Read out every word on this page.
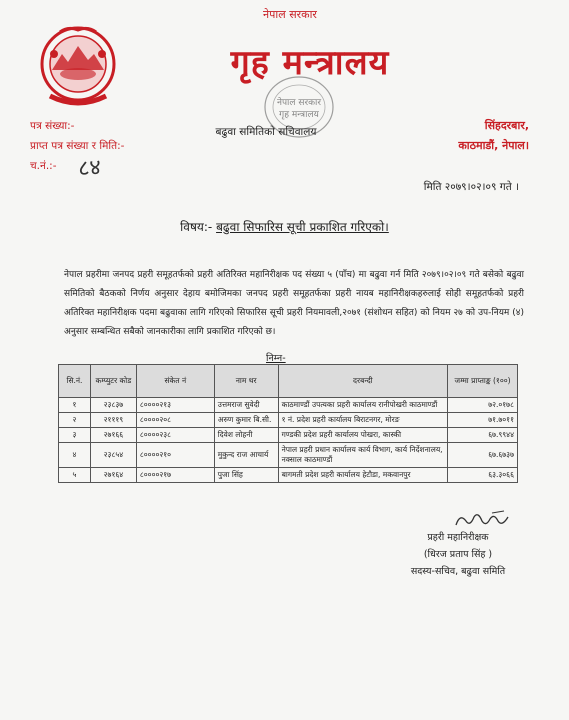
नेपाल सरकार
गृह मन्त्रालय
नेपाल सरकार
गृह मन्त्रालय
पत्र संख्या:-
प्राप्त पत्र संख्या र मिति:-
च.नं.:- ८४
बढुवा समितिको सचिवालय	सिंहदरबार,
काठमाडौं, नेपाल।
मिति २०७९।०२।०९ गते ।
विषय:- बढुवा सिफारिस सूची प्रकाशित गरिएको।
नेपाल प्रहरीमा जनपद प्रहरी समूहतर्फको प्रहरी अतिरिक्त महानिरीक्षक पद संख्या ५ (पाँच) मा बढुवा गर्न मिति २०७९।०२।०९ गते बसेको बढुवा समितिको बैठकको निर्णय अनुसार देहाय बमोजिमका जनपद प्रहरी समूहतर्फका प्रहरी नायब महानिरीक्षकहरुलाई सोही समूहतर्फको प्रहरी अतिरिक्त महानिरीक्षक पदमा बढुवाका लागि गरिएको सिफारिस सूची प्रहरी नियमावली,२०७१ (संशोधन सहित) को नियम २७ को उप-नियम (४) अनुसार सम्बन्धित सबैको जानकारीका लागि प्रकाशित गरिएको छ।
निम्न-
सि.नं.	कम्प्युटर कोड	संकेत नं	नाम थर	दरबन्दी	जम्मा प्राप्ताङ्क (१००)
१	२३८३७	८००००२१३	उत्तमराज सुवेदी	काठमाण्डौं उपत्यका प्रहरी कार्यालय रानीपोखरी काठमाण्डौं	७२.०१७८
२	२१११९	८००००२०८	अरुण कुमार बि.सी.	१ नं. प्रदेश प्रहरी कार्यालय बिराटनगर, मोरङ	७१.७०११
३	२७१६६	८००००२३८	दिवेश लोहनी	गण्डकी प्रदेश प्रहरी कार्यालय पोखरा, कास्की	६७.९९४४
४	२३८५४	८००००२१०	मुकुन्द राज आचार्य	नेपाल प्रहरी प्रधान कार्यालय कार्य विभाग, कार्य निर्देशनालय, नक्साल काठमाण्डौं	६७.६७३७
५	२७१६४	८००००२१७	पुजा सिंह	बागमती प्रदेश प्रहरी कार्यालय हेटौडा, मकवानपुर	६३.३०६६
प्रहरी महानिरीक्षक
(धिरज प्रताप सिंह )
सदस्य-सचिव, बढुवा समिति
